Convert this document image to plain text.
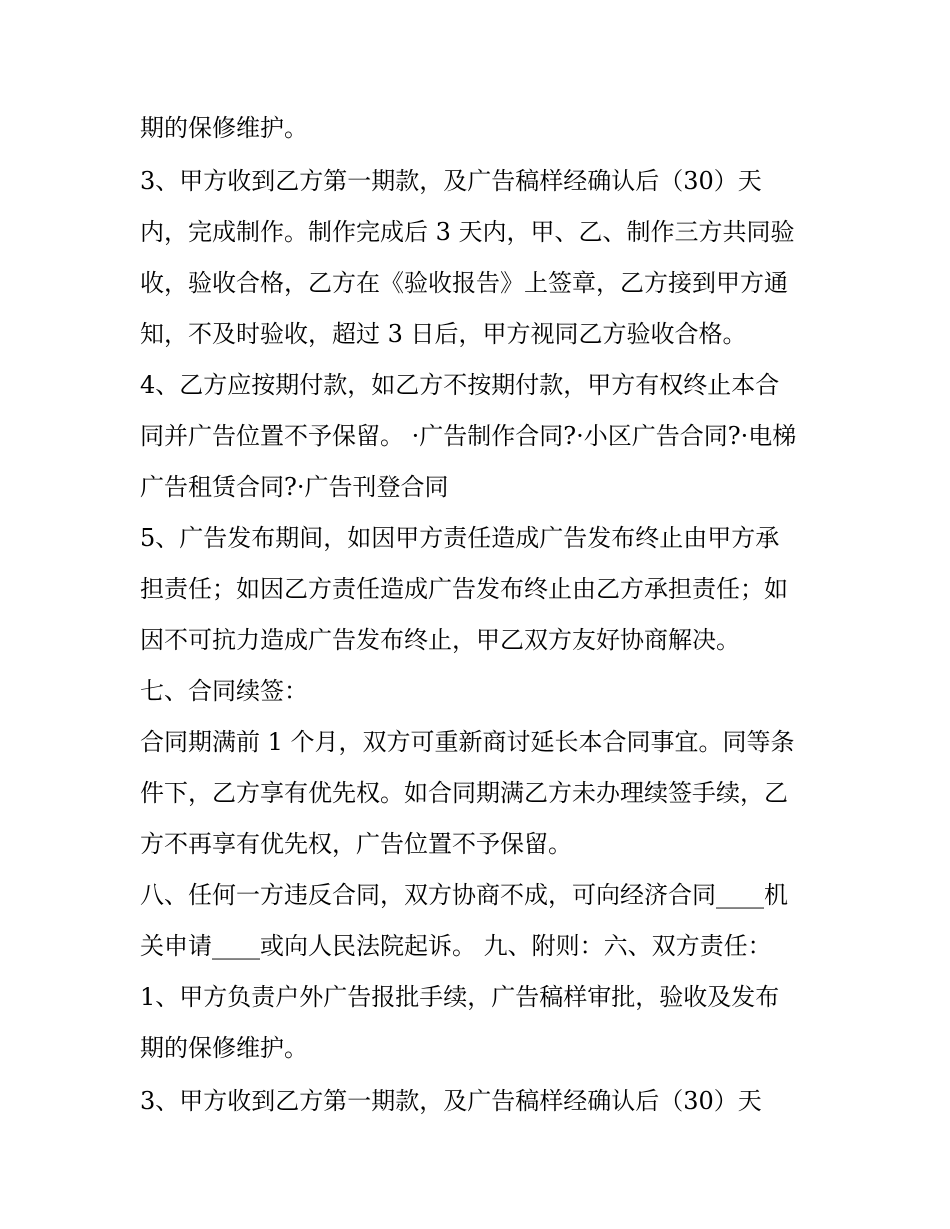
期的保修维护。
3、甲方收到乙方第一期款，及广告稿样经确认后（30）天
内，完成制作。制作完成后 3 天内，甲、乙、制作三方共同验
收，验收合格，乙方在《验收报告》上签章，乙方接到甲方通
知，不及时验收，超过 3 日后，甲方视同乙方验收合格。
4、乙方应按期付款，如乙方不按期付款，甲方有权终止本合
同并广告位置不予保留。 ·广告制作合同?·小区广告合同?·电梯
广告租赁合同?·广告刊登合同
5、广告发布期间，如因甲方责任造成广告发布终止由甲方承
担责任；如因乙方责任造成广告发布终止由乙方承担责任；如
因不可抗力造成广告发布终止，甲乙双方友好协商解决。
七、合同续签：
合同期满前 1 个月，双方可重新商讨延长本合同事宜。同等条
件下，乙方享有优先权。如合同期满乙方未办理续签手续，乙
方不再享有优先权，广告位置不予保留。
八、任何一方违反合同，双方协商不成，可向经济合同____机
关申请____或向人民法院起诉。 九、附则：六、双方责任：
1、甲方负责户外广告报批手续，广告稿样审批，验收及发布
期的保修维护。
3、甲方收到乙方第一期款，及广告稿样经确认后（30）天
